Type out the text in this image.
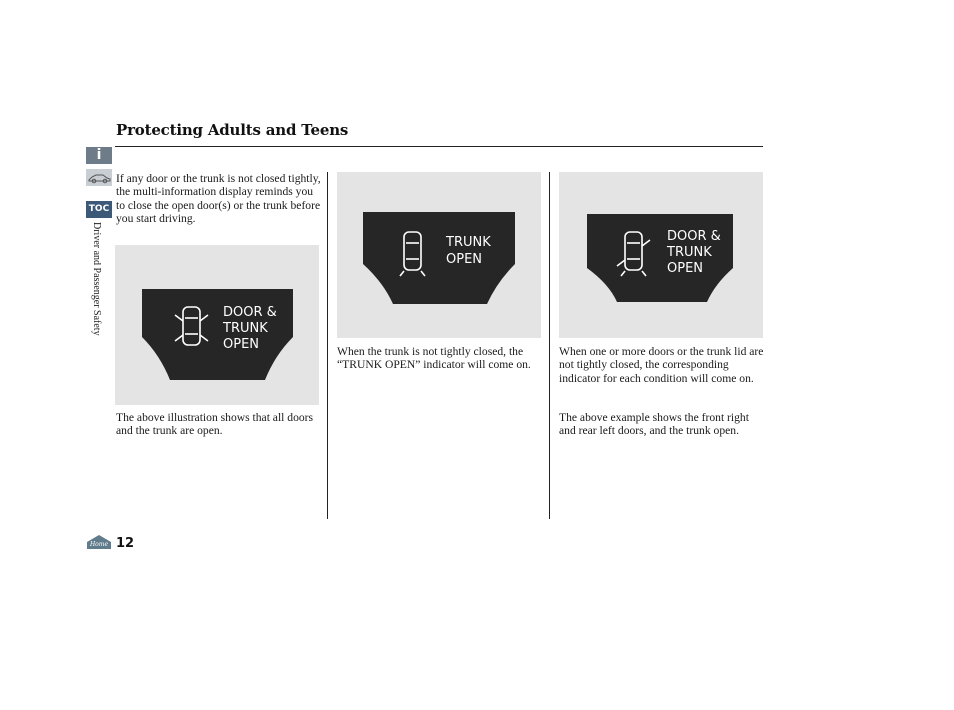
Protecting Adults and Teens
i
TOC
Driver and Passenger Safety

If any door or the trunk is not closed tightly, the multi-information display reminds you to close the open door(s) or the trunk before you start driving.

DOOR &
TRUNK
OPEN

The above illustration shows that all doors and the trunk are open.

TRUNK
OPEN

When the trunk is not tightly closed, the “TRUNK OPEN” indicator will come on.

DOOR &
TRUNK
OPEN

When one or more doors or the trunk lid are not tightly closed, the corresponding indicator for each condition will come on.

The above example shows the front right and rear left doors, and the trunk open.

Home 12
